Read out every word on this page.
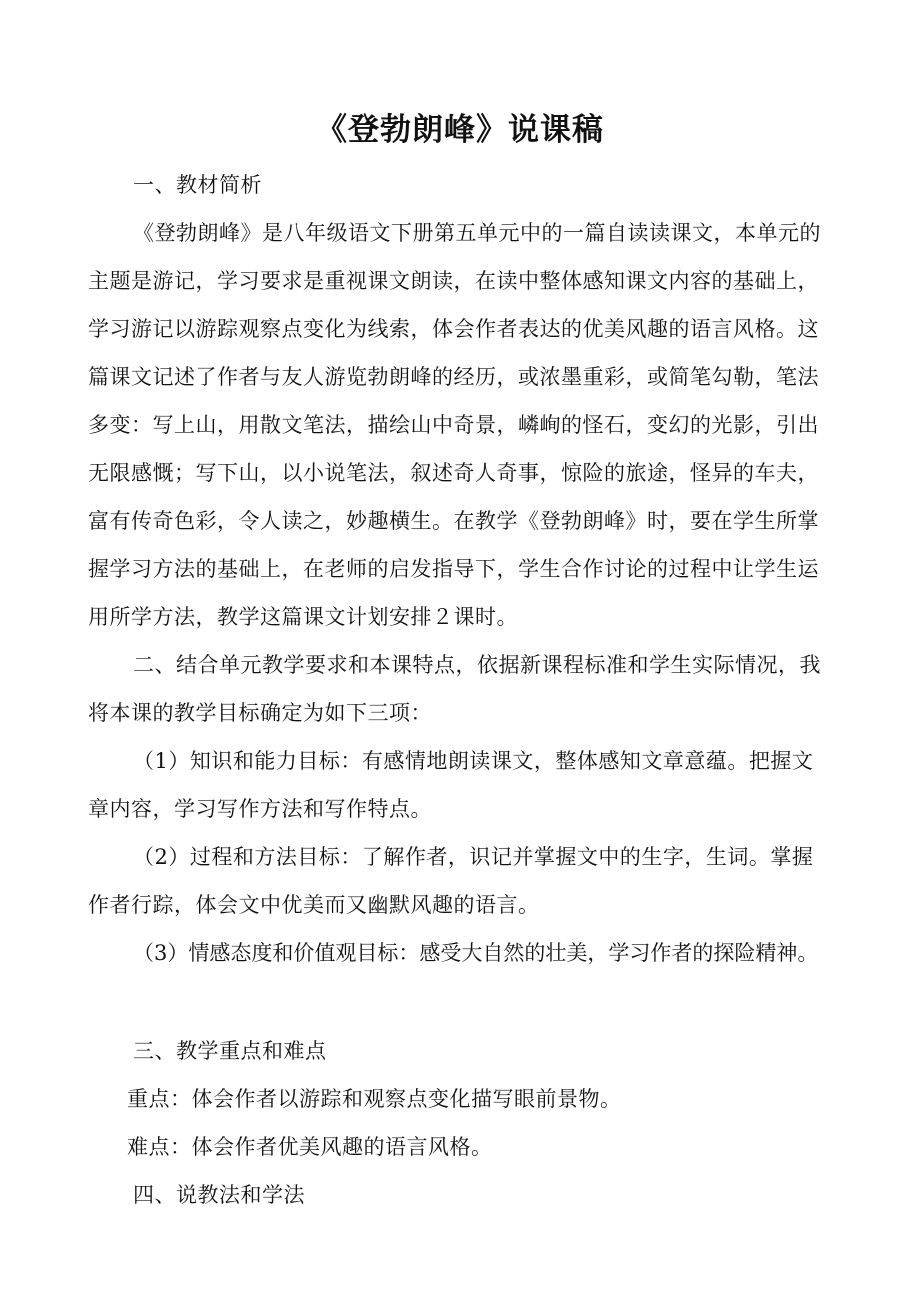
《登勃朗峰》说课稿
一、教材简析
《登勃朗峰》是八年级语文下册第五单元中的一篇自读读课文，本单元的
主题是游记，学习要求是重视课文朗读，在读中整体感知课文内容的基础上，
学习游记以游踪观察点变化为线索，体会作者表达的优美风趣的语言风格。这
篇课文记述了作者与友人游览勃朗峰的经历，或浓墨重彩，或简笔勾勒，笔法
多变：写上山，用散文笔法，描绘山中奇景，嶙峋的怪石，变幻的光影，引出
无限感慨；写下山，以小说笔法，叙述奇人奇事，惊险的旅途，怪异的车夫，
富有传奇色彩，令人读之，妙趣横生。在教学《登勃朗峰》时，要在学生所掌
握学习方法的基础上，在老师的启发指导下，学生合作讨论的过程中让学生运
用所学方法，教学这篇课文计划安排２课时。
二、结合单元教学要求和本课特点，依据新课程标准和学生实际情况，我
将本课的教学目标确定为如下三项：
（1）知识和能力目标：有感情地朗读课文，整体感知文章意蕴。把握文
章内容，学习写作方法和写作特点。
（2）过程和方法目标：了解作者，识记并掌握文中的生字，生词。掌握
作者行踪，体会文中优美而又幽默风趣的语言。
（3）情感态度和价值观目标：感受大自然的壮美，学习作者的探险精神。
三、教学重点和难点
重点：体会作者以游踪和观察点变化描写眼前景物。
难点：体会作者优美风趣的语言风格。
四、说教法和学法
